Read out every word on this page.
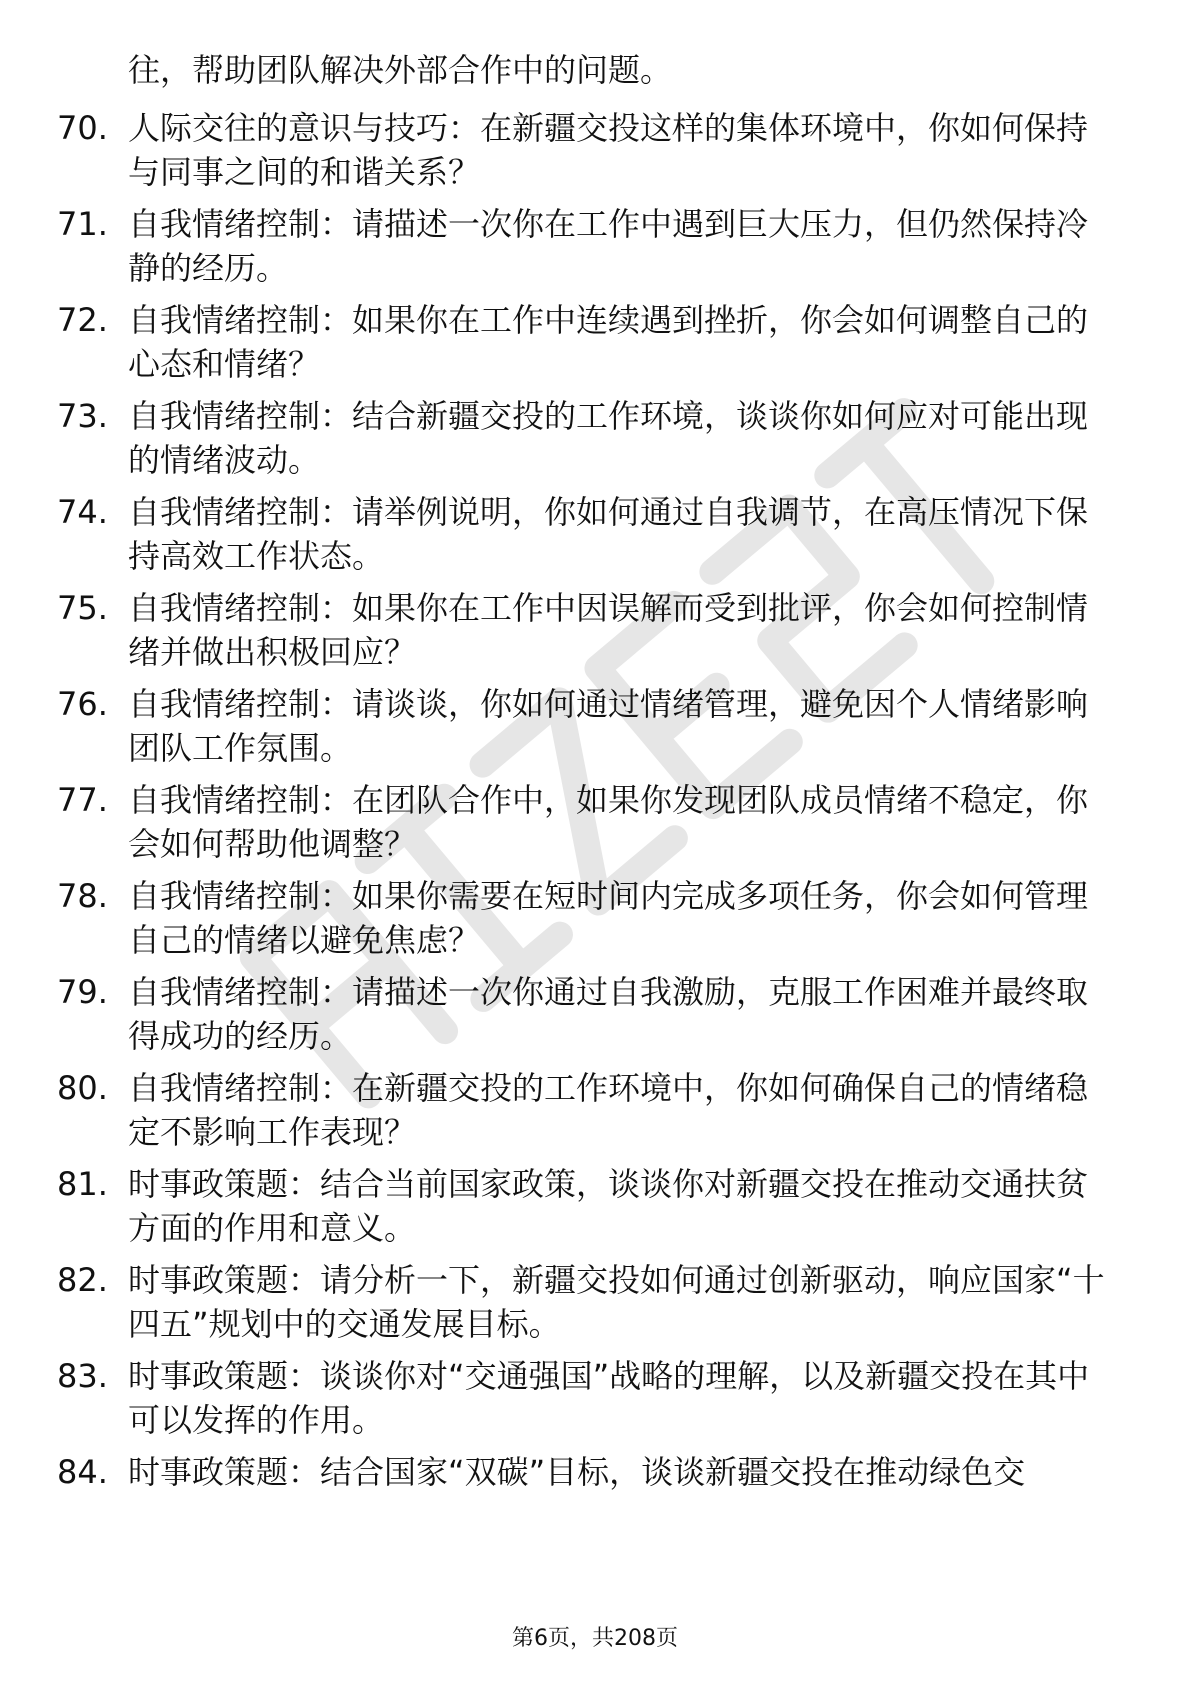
往，帮助团队解决外部合作中的问题。
70. 人际交往的意识与技巧：在新疆交投这样的集体环境中，你如何保持与同事之间的和谐关系？
71. 自我情绪控制：请描述一次你在工作中遇到巨大压力，但仍然保持冷静的经历。
72. 自我情绪控制：如果你在工作中连续遇到挫折，你会如何调整自己的心态和情绪？
73. 自我情绪控制：结合新疆交投的工作环境，谈谈你如何应对可能出现的情绪波动。
74. 自我情绪控制：请举例说明，你如何通过自我调节，在高压情况下保持高效工作状态。
75. 自我情绪控制：如果你在工作中因误解而受到批评，你会如何控制情绪并做出积极回应？
76. 自我情绪控制：请谈谈，你如何通过情绪管理，避免因个人情绪影响团队工作氛围。
77. 自我情绪控制：在团队合作中，如果你发现团队成员情绪不稳定，你会如何帮助他调整？
78. 自我情绪控制：如果你需要在短时间内完成多项任务，你会如何管理自己的情绪以避免焦虑？
79. 自我情绪控制：请描述一次你通过自我激励，克服工作困难并最终取得成功的经历。
80. 自我情绪控制：在新疆交投的工作环境中，你如何确保自己的情绪稳定不影响工作表现？
81. 时事政策题：结合当前国家政策，谈谈你对新疆交投在推动交通扶贫方面的作用和意义。
82. 时事政策题：请分析一下，新疆交投如何通过创新驱动，响应国家“十四五”规划中的交通发展目标。
83. 时事政策题：谈谈你对“交通强国”战略的理解，以及新疆交投在其中可以发挥的作用。
84. 时事政策题：结合国家“双碳”目标，谈谈新疆交投在推动绿色交
第6页，共208页
